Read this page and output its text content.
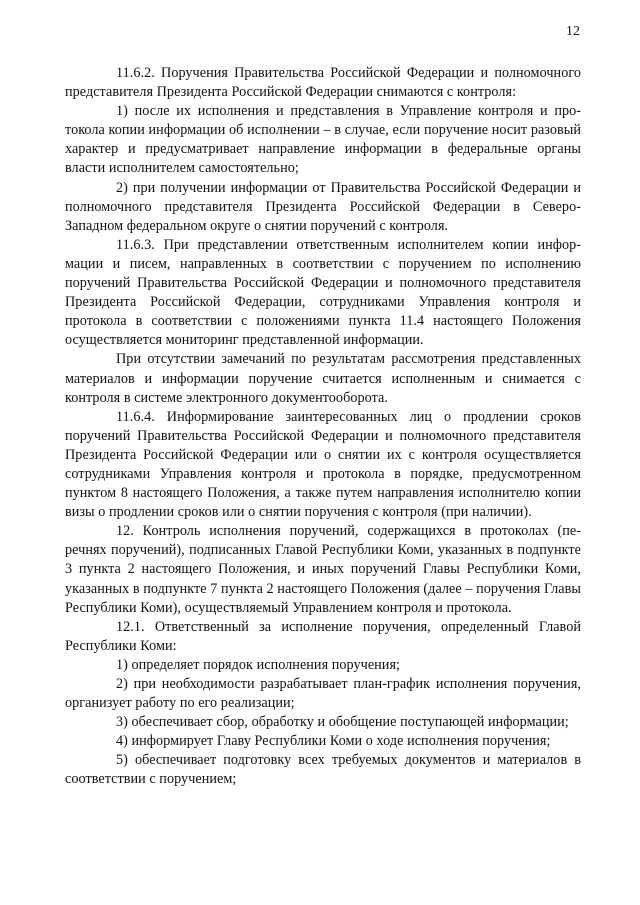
12

11.6.2. Поручения Правительства Российской Федерации и полномочного представителя Президента Российской Федерации снимаются с контроля:

1) после их исполнения и представления в Управление контроля и протокола копии информации об исполнении – в случае, если поручение носит разовый характер и предусматривает направление информации в федеральные органы власти исполнителем самостоятельно;

2) при получении информации от Правительства Российской Федерации и полномочного представителя Президента Российской Федерации в Северо-Западном федеральном округе о снятии поручений с контроля.

11.6.3. При представлении ответственным исполнителем копии информации и писем, направленных в соответствии с поручением по исполнению поручений Правительства Российской Федерации и полномочного представителя Президента Российской Федерации, сотрудниками Управления контроля и протокола в соответствии с положениями пункта 11.4 настоящего Положения осуществляется мониторинг представленной информации.

При отсутствии замечаний по результатам рассмотрения представленных материалов и информации поручение считается исполненным и снимается с контроля в системе электронного документооборота.

11.6.4. Информирование заинтересованных лиц о продлении сроков поручений Правительства Российской Федерации и полномочного представителя Президента Российской Федерации или о снятии их с контроля осуществляется сотрудниками Управления контроля и протокола в порядке, предусмотренном пунктом 8 настоящего Положения, а также путем направления исполнителю копии визы о продлении сроков или о снятии поручения с контроля (при наличии).

12. Контроль исполнения поручений, содержащихся в протоколах (перечнях поручений), подписанных Главой Республики Коми, указанных в подпункте 3 пункта 2 настоящего Положения, и иных поручений Главы Республики Коми, указанных в подпункте 7 пункта 2 настоящего Положения (далее – поручения Главы Республики Коми), осуществляемый Управлением контроля и протокола.

12.1. Ответственный за исполнение поручения, определенный Главой Республики Коми:

1) определяет порядок исполнения поручения;

2) при необходимости разрабатывает план-график исполнения поручения, организует работу по его реализации;

3) обеспечивает сбор, обработку и обобщение поступающей информации;

4) информирует Главу Республики Коми о ходе исполнения поручения;

5) обеспечивает подготовку всех требуемых документов и материалов в соответствии с поручением;
